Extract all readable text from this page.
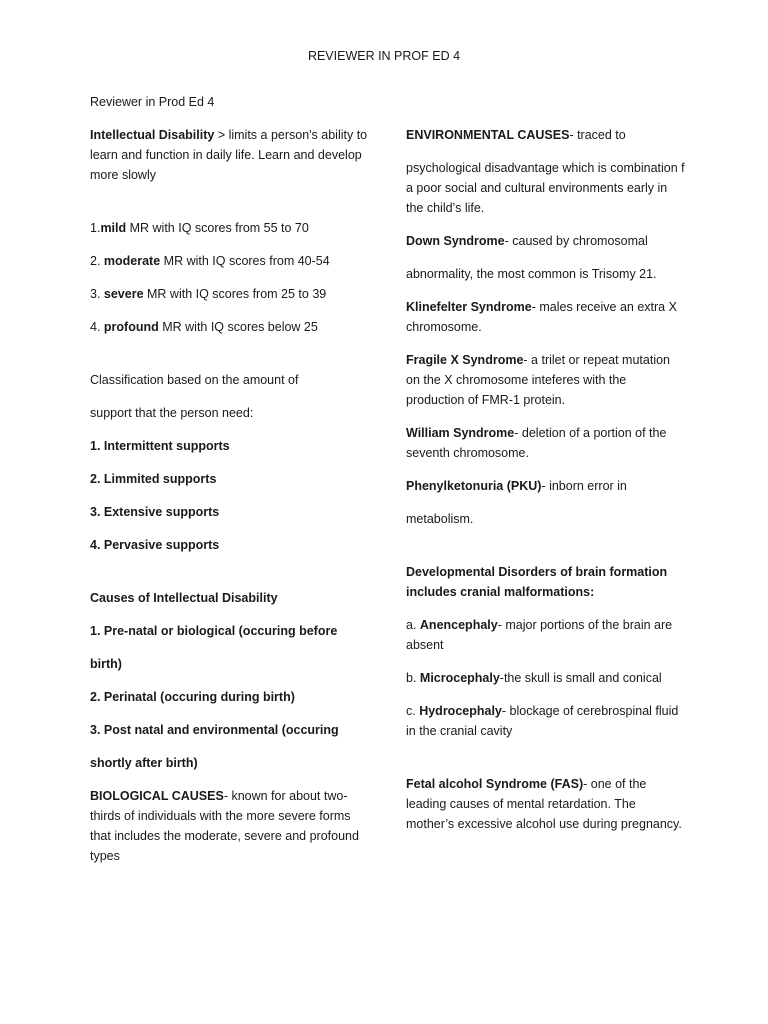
REVIEWER IN PROF ED 4

Reviewer in Prod Ed 4

Intellectual Disability > limits a person's ability to learn and function in daily life. Learn and develop more slowly

1.mild MR with IQ scores from 55 to 70

2. moderate MR with IQ scores from 40-54

3. severe MR with IQ scores from 25 to 39

4. profound MR with IQ scores below 25

Classification based on the amount of

support that the person need:

1. Intermittent supports

2. Limmited supports

3. Extensive supports

4. Pervasive supports

Causes of Intellectual Disability

1. Pre-natal or biological (occuring before

birth)

2. Perinatal (occuring during birth)

3. Post natal and environmental (occuring

shortly after birth)

BIOLOGICAL CAUSES- known for about two-thirds of individuals with the more severe forms that includes the moderate, severe and profound types

ENVIRONMENTAL CAUSES- traced to

psychological disadvantage which is combination f a poor social and cultural environments early in the child’s life.

Down Syndrome- caused by chromosomal

abnormality, the most common is Trisomy 21.

Klinefelter Syndrome- males receive an extra X chromosome.

Fragile X Syndrome- a trilet or repeat mutation on the X chromosome inteferes with the production of FMR-1 protein.

William Syndrome- deletion of a portion of the seventh chromosome.

Phenylketonuria (PKU)- inborn error in

metabolism.

Developmental Disorders of brain formation includes cranial malformations:

a. Anencephaly- major portions of the brain are absent

b. Microcephaly-the skull is small and conical

c. Hydrocephaly- blockage of cerebrospinal fluid in the cranial cavity

Fetal alcohol Syndrome (FAS)- one of the leading causes of mental retardation. The mother’s excessive alcohol use during pregnancy.
